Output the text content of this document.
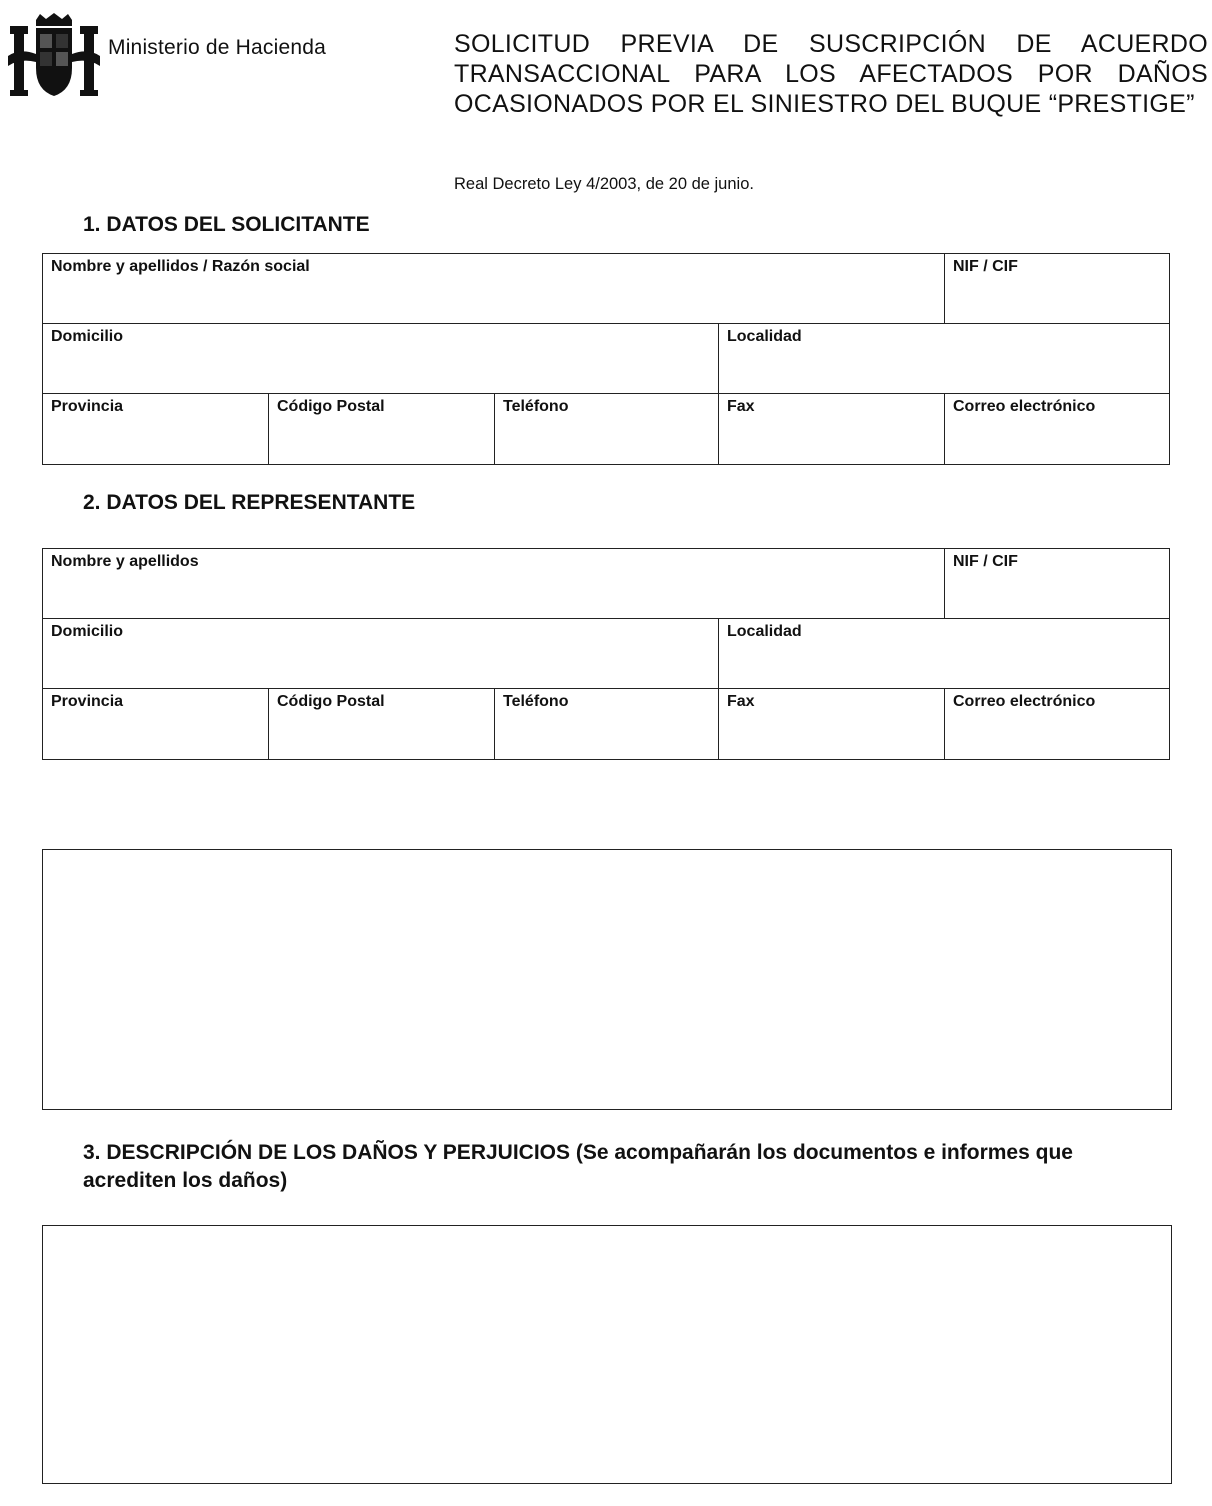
Ministerio de Hacienda	SOLICITUD PREVIA DE SUSCRIPCIÓN DE ACUERDO
TRANSACCIONAL PARA LOS AFECTADOS POR DAÑOS
OCASIONADOS POR EL SINIESTRO DEL BUQUE “PRESTIGE”
Real Decreto Ley 4/2003, de 20 de junio.
1. DATOS DEL SOLICITANTE
Nombre y apellidos / Razón social	NIF / CIF
Domicilio	Localidad
Provincia	Código Postal	Teléfono	Fax	Correo electrónico
2. DATOS DEL REPRESENTANTE
Nombre y apellidos	NIF / CIF
Domicilio	Localidad
Provincia	Código Postal	Teléfono	Fax	Correo electrónico
3. DESCRIPCIÓN DE LOS DAÑOS Y PERJUICIOS (Se acompañarán los documentos e informes que acrediten los daños)
